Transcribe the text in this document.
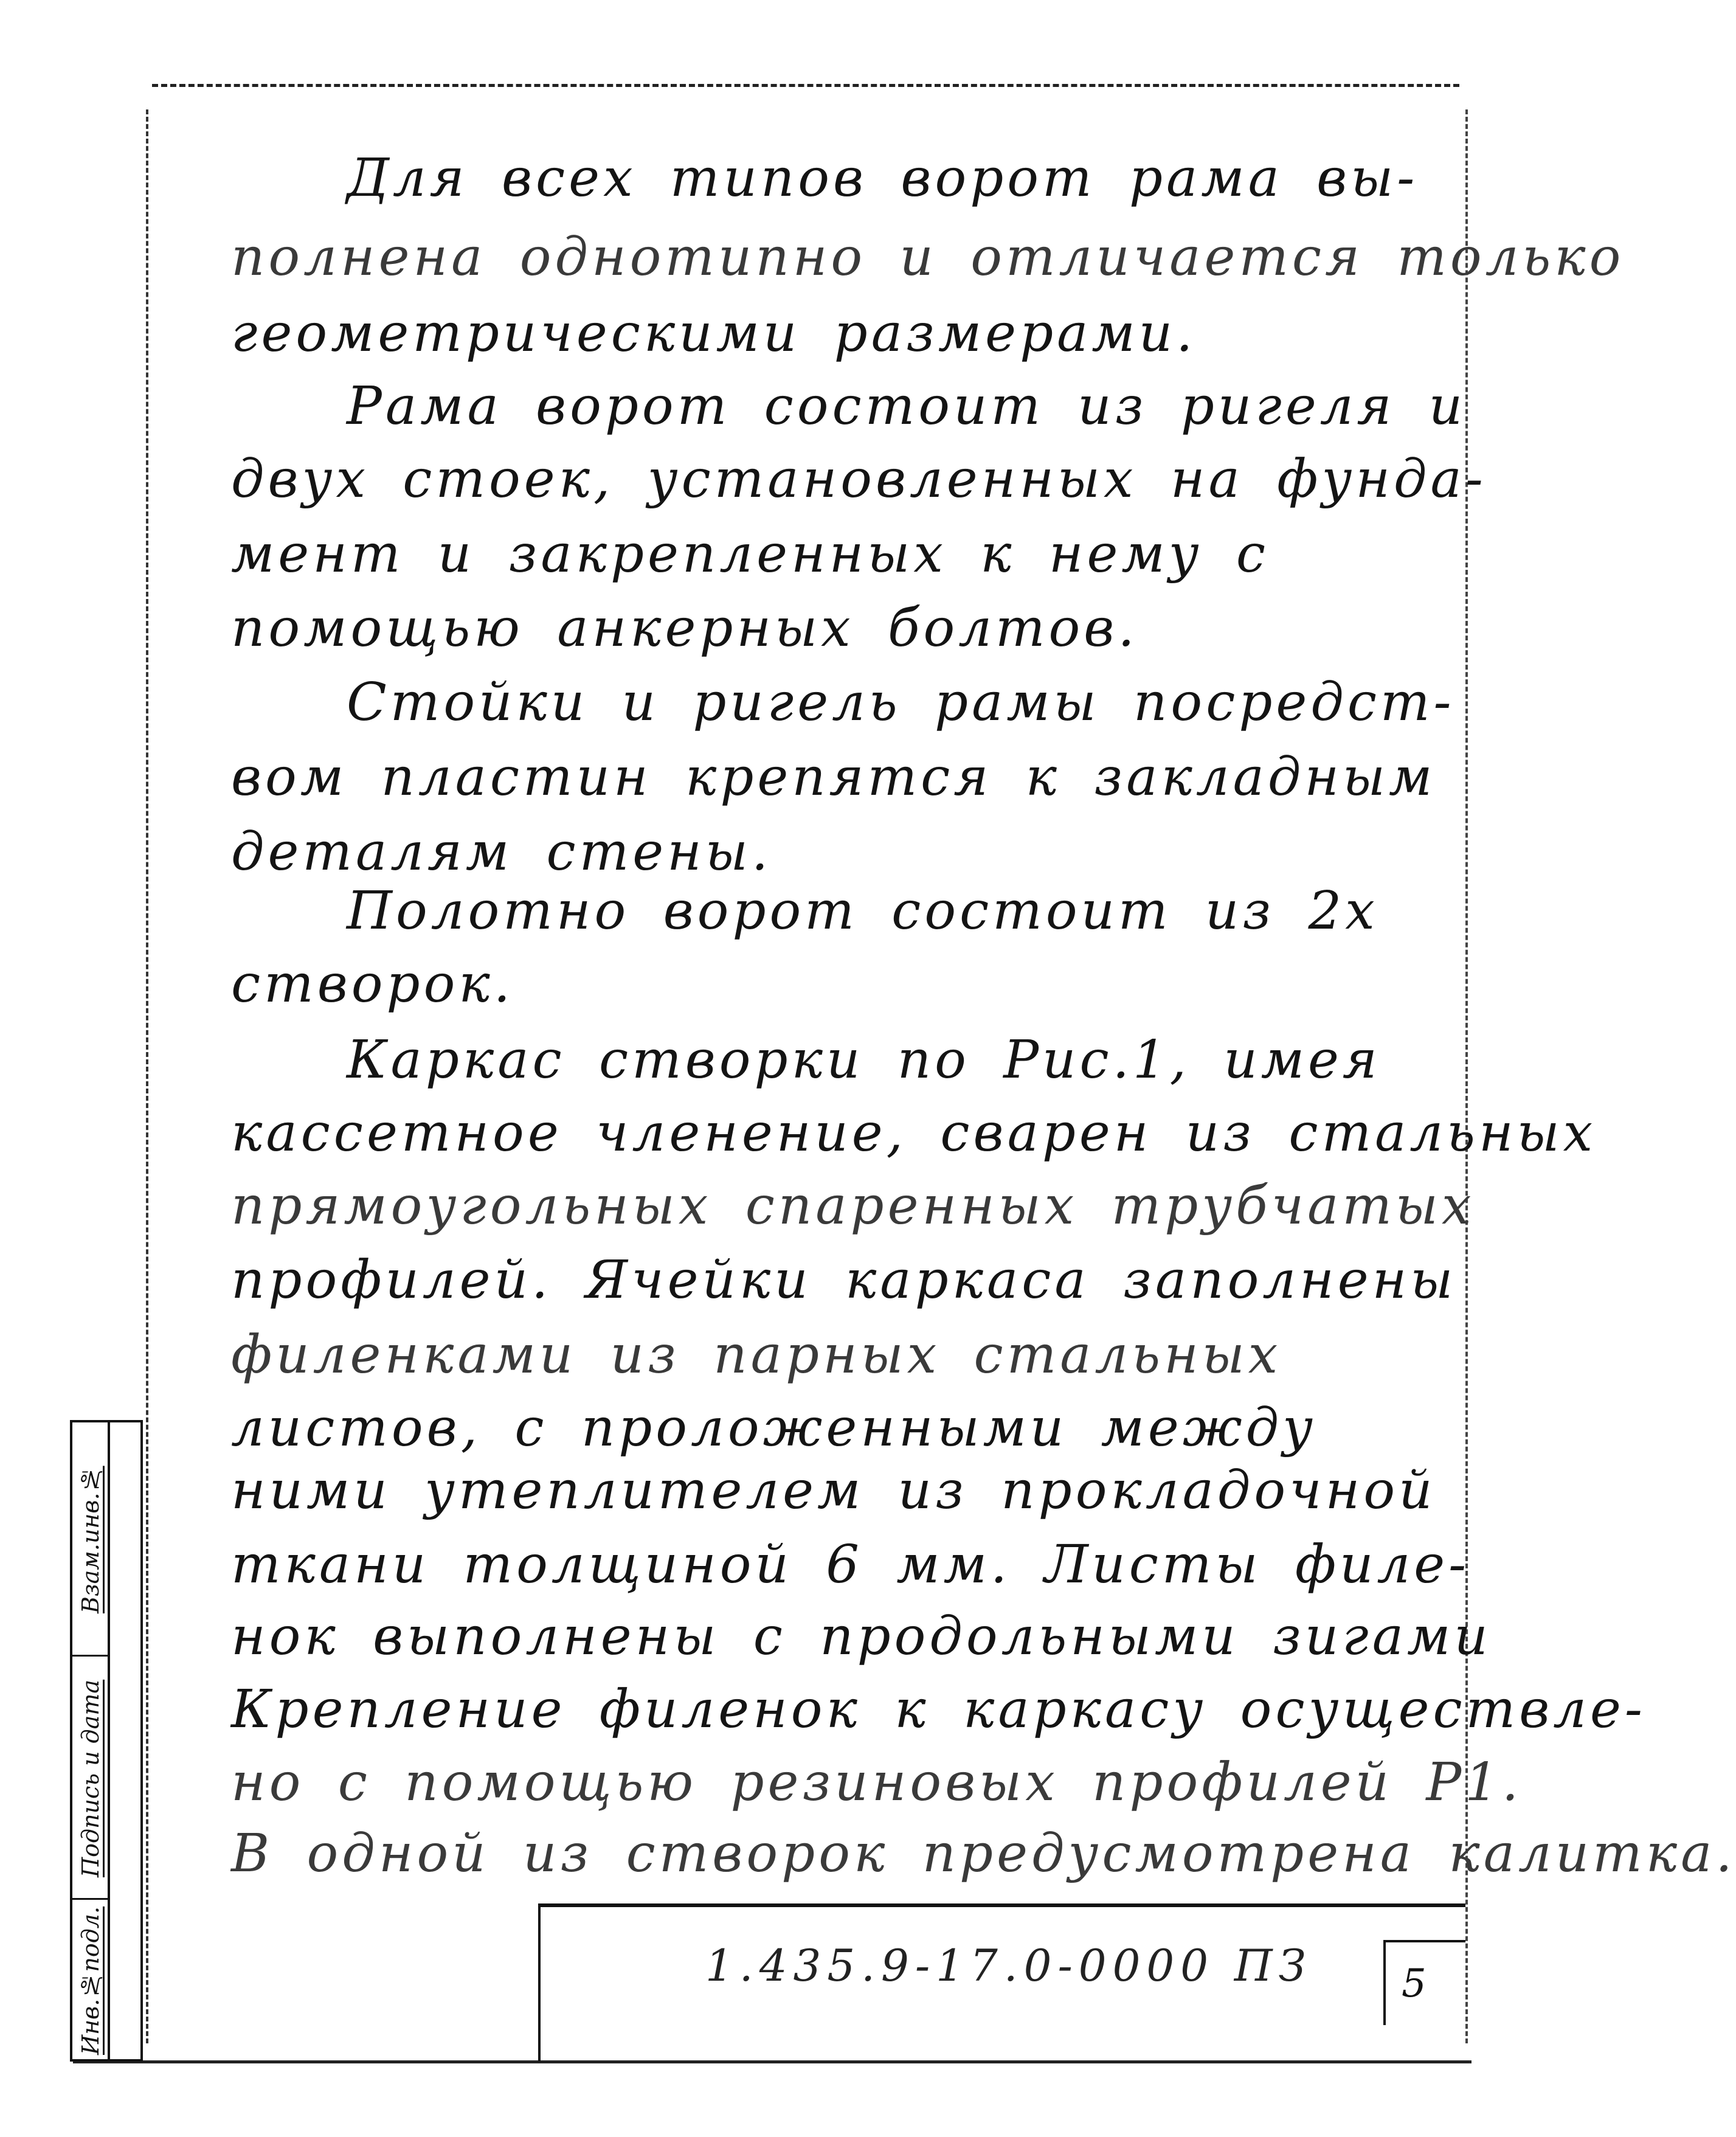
Для всех типов ворот рама вы-
полнена однотипно и отличается только
геометрическими размерами.
Рама ворот состоит из ригеля и
двух стоек, установленных на фунда-
мент и закрепленных к нему с
помощью анкерных болтов.
Стойки и ригель рамы посредст-
вом пластин крепятся к закладным
деталям стены.
Полотно ворот состоит из 2х
створок.
Каркас створки по Рис.1, имея
кассетное членение, сварен из стальных
прямоугольных спаренных трубчатых
профилей. Ячейки каркаса заполнены
филенками из парных стальных
листов, с проложенными между
ними утеплителем из прокладочной
ткани толщиной 6 мм. Листы филе-
нок выполнены с продольными зигами
Крепление филенок к каркасу осуществле-
но с помощью резиновых профилей Р1.
В одной из створок предусмотрена калитка.
Взам.инв.№
Подпись и дата
Инв.№подл.	1.435.9-17.0-0000 ПЗ 5
